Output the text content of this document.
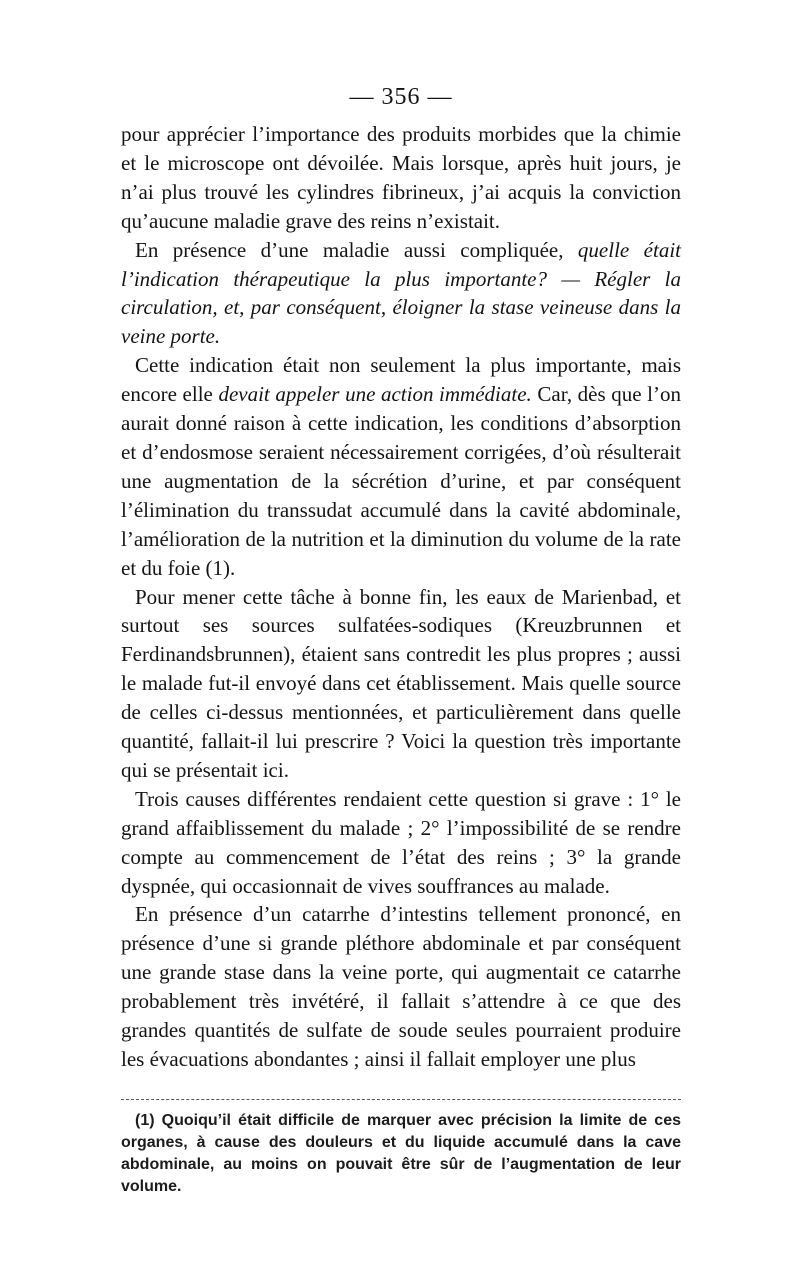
— 356 —

pour apprécier l’importance des produits morbides que la chimie et le microscope ont dévoilée. Mais lorsque, après huit jours, je n’ai plus trouvé les cylindres fibrineux, j’ai acquis la conviction qu’aucune maladie grave des reins n’existait.

En présence d’une maladie aussi compliquée, quelle était l’indication thérapeutique la plus importante? — Régler la circulation, et, par conséquent, éloigner la stase veineuse dans la veine porte.

Cette indication était non seulement la plus importante, mais encore elle devait appeler une action immédiate. Car, dès que l’on aurait donné raison à cette indication, les conditions d’absorption et d’endosmose seraient nécessairement corrigées, d’où résulterait une augmentation de la sécrétion d’urine, et par conséquent l’élimination du transsudat accumulé dans la cavité abdominale, l’amélioration de la nutrition et la diminution du volume de la rate et du foie (1).

Pour mener cette tâche à bonne fin, les eaux de Marienbad, et surtout ses sources sulfatées-sodiques (Kreuzbrunnen et Ferdinandsbrunnen), étaient sans contredit les plus propres ; aussi le malade fut-il envoyé dans cet établissement. Mais quelle source de celles ci-dessus mentionnées, et particulièrement dans quelle quantité, fallait-il lui prescrire ? Voici la question très importante qui se présentait ici.

Trois causes différentes rendaient cette question si grave : 1° le grand affaiblissement du malade ; 2° l’impossibilité de se rendre compte au commencement de l’état des reins ; 3° la grande dyspnée, qui occasionnait de vives souffrances au malade.

En présence d’un catarrhe d’intestins tellement prononcé, en présence d’une si grande pléthore abdominale et par conséquent une grande stase dans la veine porte, qui augmentait ce catarrhe probablement très invétéré, il fallait s’attendre à ce que des grandes quantités de sulfate de soude seules pourraient produire les évacuations abondantes ; ainsi il fallait employer une plus

(1) Quoiqu’il était difficile de marquer avec précision la limite de ces organes, à cause des douleurs et du liquide accumulé dans la cave abdominale, au moins on pouvait être sûr de l’augmentation de leur volume.
